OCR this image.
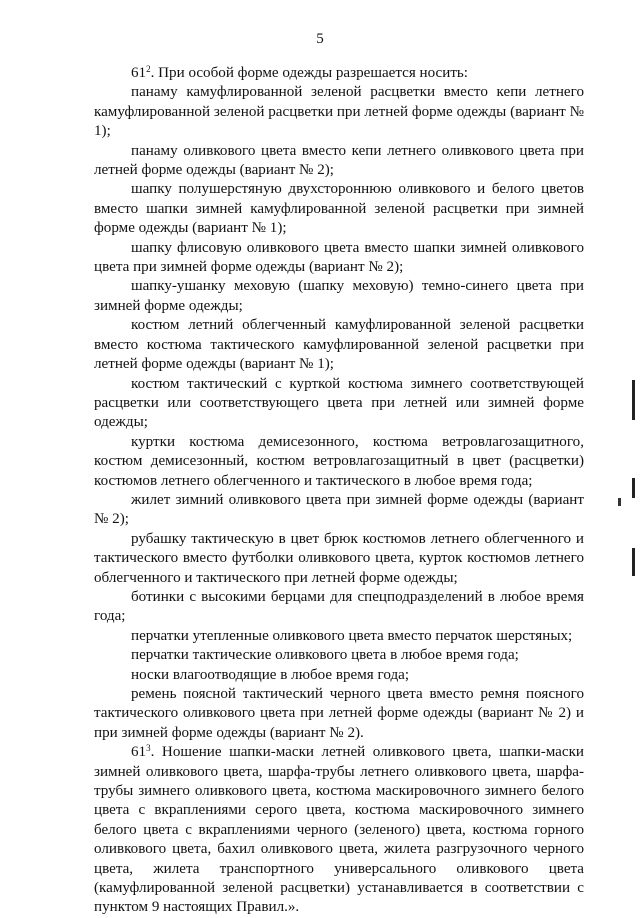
5

$61^2$. При особой форме одежды разрешается носить:

панаму камуфлированной зеленой расцветки вместо кепи летнего камуфлированной зеленой расцветки при летней форме одежды (вариант № 1);

панаму оливкового цвета вместо кепи летнего оливкового цвета при летней форме одежды (вариант № 2);

шапку полушерстяную двухстороннюю оливкового и белого цветов вместо шапки зимней камуфлированной зеленой расцветки при зимней форме одежды (вариант № 1);

шапку флисовую оливкового цвета вместо шапки зимней оливкового цвета при зимней форме одежды (вариант № 2);

шапку-ушанку меховую (шапку меховую) темно-синего цвета при зимней форме одежды;

костюм летний облегченный камуфлированной зеленой расцветки вместо костюма тактического камуфлированной зеленой расцветки при летней форме одежды (вариант № 1);

костюм тактический с курткой костюма зимнего соответствующей расцветки или соответствующего цвета при летней или зимней форме одежды;

куртки костюма демисезонного, костюма ветровлагозащитного, костюм демисезонный, костюм ветровлагозащитный в цвет (расцветки) костюмов летнего облегченного и тактического в любое время года;

жилет зимний оливкового цвета при зимней форме одежды (вариант № 2);

рубашку тактическую в цвет брюк костюмов летнего облегченного и тактического вместо футболки оливкового цвета, курток костюмов летнего облегченного и тактического при летней форме одежды;

ботинки с высокими берцами для спецподразделений в любое время года;

перчатки утепленные оливкового цвета вместо перчаток шерстяных;

перчатки тактические оливкового цвета в любое время года;

носки влагоотводящие в любое время года;

ремень поясной тактический черного цвета вместо ремня поясного тактического оливкового цвета при летней форме одежды (вариант № 2) и при зимней форме одежды (вариант № 2).

$61^3$. Ношение шапки-маски летней оливкового цвета, шапки-маски зимней оливкового цвета, шарфа-трубы летнего оливкового цвета, шарфа-трубы зимнего оливкового цвета, костюма маскировочного зимнего белого цвета с вкраплениями серого цвета, костюма маскировочного зимнего белого цвета с вкраплениями черного (зеленого) цвета, костюма горного оливкового цвета, бахил оливкового цвета, жилета разгрузочного черного цвета, жилета транспортного универсального оливкового цвета (камуфлированной зеленой расцветки) устанавливается в соответствии с пунктом 9 настоящих Правил.».
